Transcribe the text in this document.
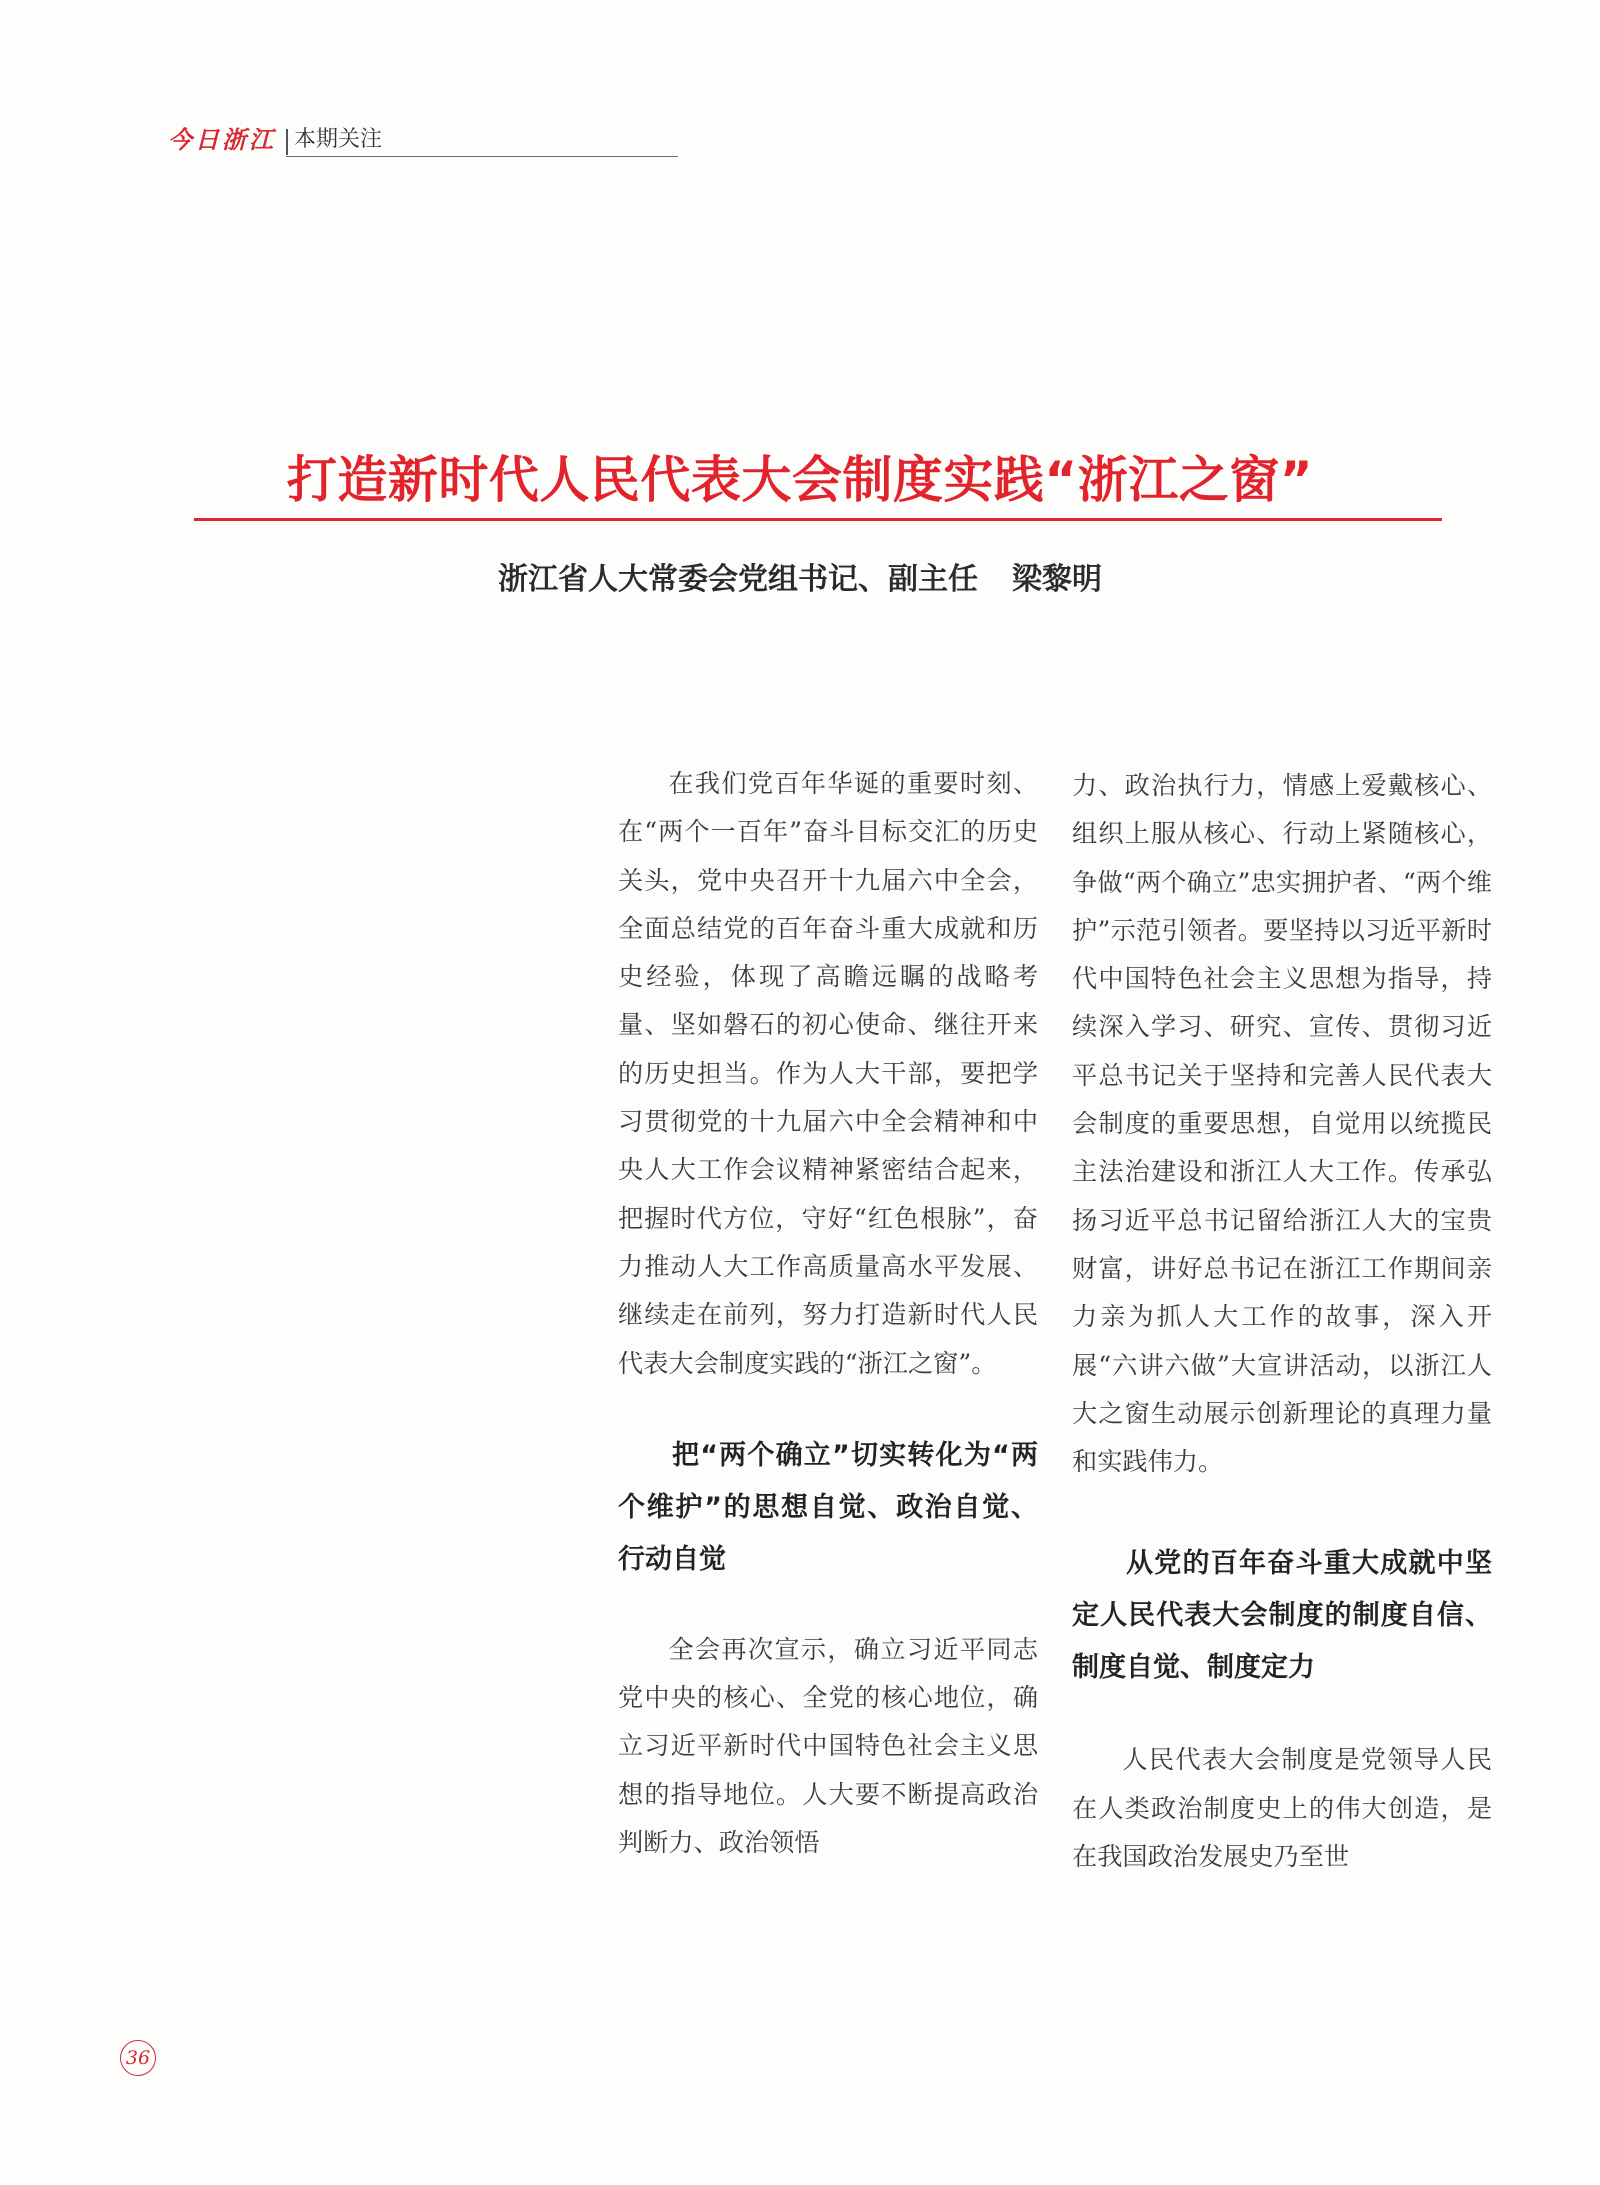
今日浙江 本期关注
打造新时代人民代表大会制度实践“浙江之窗”
浙江省人大常委会党组书记、副主任 梁黎明

在我们党百年华诞的重要时刻、在“两个一百年”奋斗目标交汇的历史关头，党中央召开十九届六中全会，全面总结党的百年奋斗重大成就和历史经验，体现了高瞻远瞩的战略考量、坚如磐石的初心使命、继往开来的历史担当。作为人大干部，要把学习贯彻党的十九届六中全会精神和中央人大工作会议精神紧密结合起来，把握时代方位，守好“红色根脉”，奋力推动人大工作高质量高水平发展、继续走在前列，努力打造新时代人民代表大会制度实践的“浙江之窗”。

把“两个确立”切实转化为“两个维护”的思想自觉、政治自觉、行动自觉

全会再次宣示，确立习近平同志党中央的核心、全党的核心地位，确立习近平新时代中国特色社会主义思想的指导地位。人大要不断提高政治判断力、政治领悟

力、政治执行力，情感上爱戴核心、组织上服从核心、行动上紧随核心，争做“两个确立”忠实拥护者、“两个维护”示范引领者。要坚持以习近平新时代中国特色社会主义思想为指导，持续深入学习、研究、宣传、贯彻习近平总书记关于坚持和完善人民代表大会制度的重要思想，自觉用以统揽民主法治建设和浙江人大工作。传承弘扬习近平总书记留给浙江人大的宝贵财富，讲好总书记在浙江工作期间亲力亲为抓人大工作的故事，深入开展“六讲六做”大宣讲活动，以浙江人大之窗生动展示创新理论的真理力量和实践伟力。

从党的百年奋斗重大成就中坚定人民代表大会制度的制度自信、制度自觉、制度定力

人民代表大会制度是党领导人民在人类政治制度史上的伟大创造，是在我国政治发展史乃至世

36
